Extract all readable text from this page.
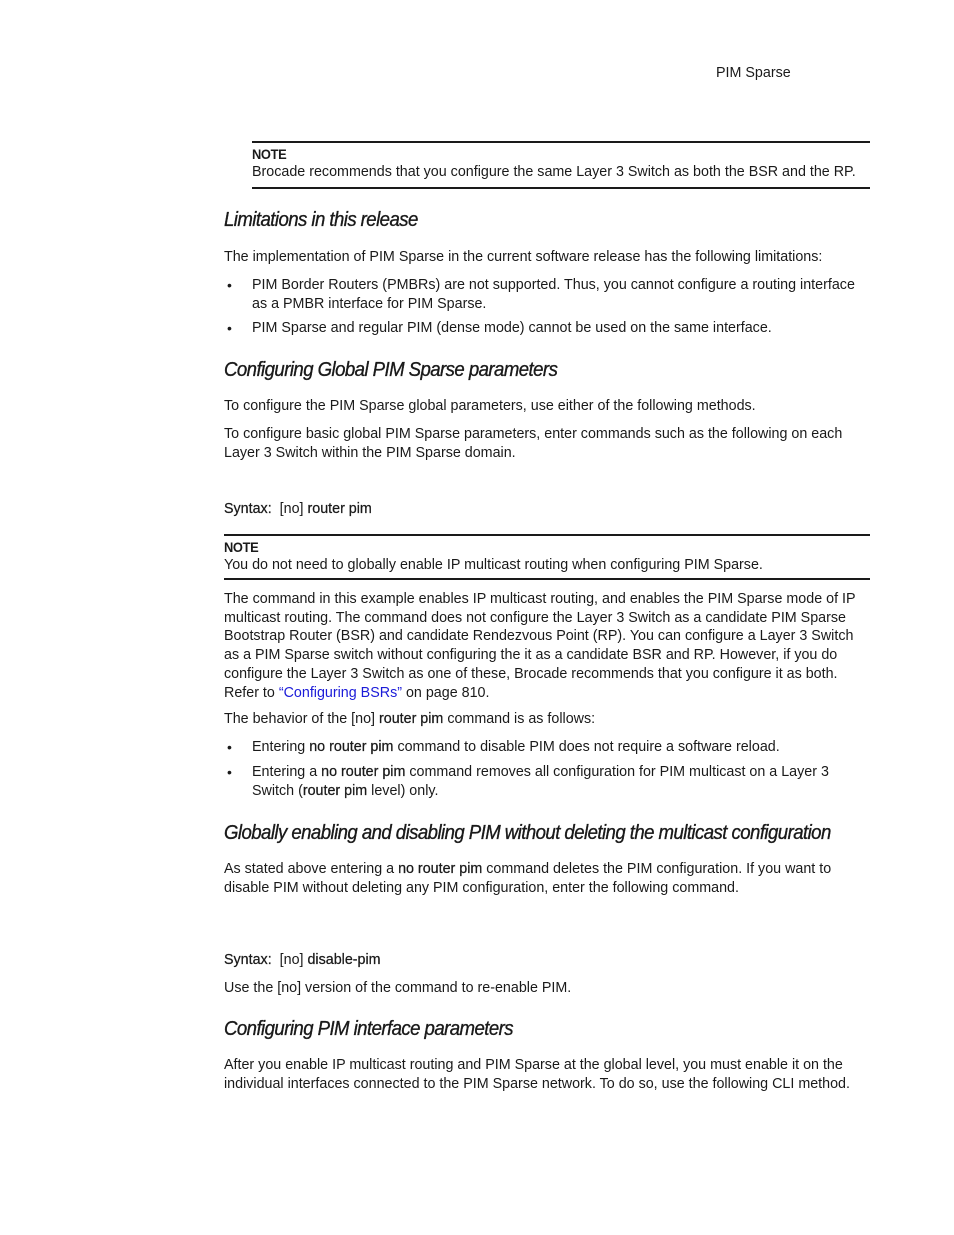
PIM Sparse
NOTE
Brocade recommends that you configure the same Layer 3 Switch as both the BSR and the RP.
Limitations in this release

The implementation of PIM Sparse in the current software release has the following limitations:

• PIM Border Routers (PMBRs) are not supported. Thus, you cannot configure a routing interface
as a PMBR interface for PIM Sparse.
• PIM Sparse and regular PIM (dense mode) cannot be used on the same interface.
Configuring Global PIM Sparse parameters

To configure the PIM Sparse global parameters, use either of the following methods.

To configure basic global PIM Sparse parameters, enter commands such as the following on each
Layer 3 Switch within the PIM Sparse domain.

Syntax: [no] router pim

NOTE
You do not need to globally enable IP multicast routing when configuring PIM Sparse.

The command in this example enables IP multicast routing, and enables the PIM Sparse mode of IP
multicast routing. The command does not configure the Layer 3 Switch as a candidate PIM Sparse
Bootstrap Router (BSR) and candidate Rendezvous Point (RP). You can configure a Layer 3 Switch
as a PIM Sparse switch without configuring the it as a candidate BSR and RP. However, if you do
configure the Layer 3 Switch as one of these, Brocade recommends that you configure it as both.
Refer to “Configuring BSRs” on page 810.

The behavior of the [no] router pim command is as follows:

• Entering no router pim command to disable PIM does not require a software reload.
• Entering a no router pim command removes all configuration for PIM multicast on a Layer 3
Switch (router pim level) only.
Globally enabling and disabling PIM without deleting the multicast configuration

As stated above entering a no router pim command deletes the PIM configuration. If you want to
disable PIM without deleting any PIM configuration, enter the following command.

Syntax: [no] disable-pim

Use the [no] version of the command to re-enable PIM.

Configuring PIM interface parameters

After you enable IP multicast routing and PIM Sparse at the global level, you must enable it on the
individual interfaces connected to the PIM Sparse network. To do so, use the following CLI method.
